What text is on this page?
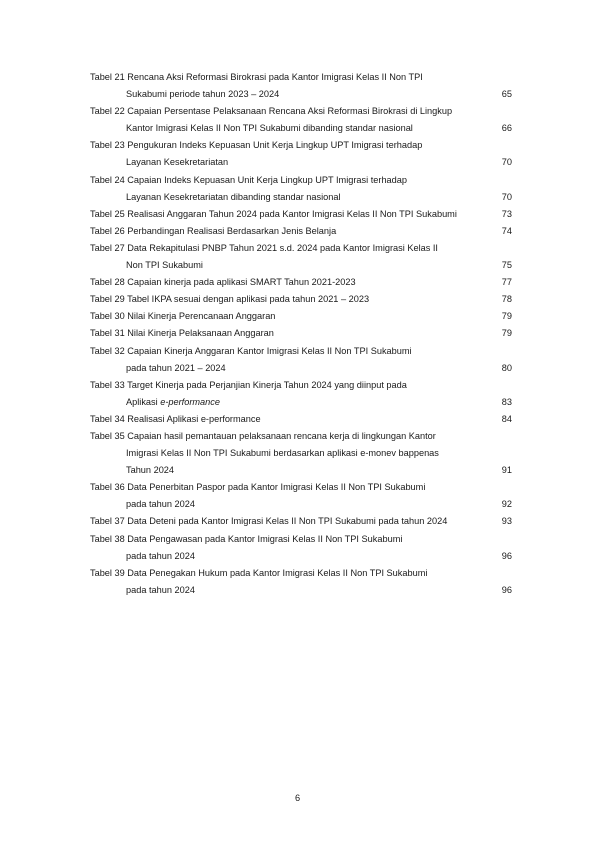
Tabel 21 Rencana Aksi Reformasi Birokrasi pada Kantor Imigrasi Kelas II Non TPI
Sukabumi periode tahun 2023 – 2024	65
Tabel 22 Capaian Persentase Pelaksanaan Rencana Aksi Reformasi Birokrasi di Lingkup
Kantor Imigrasi Kelas II Non TPI Sukabumi dibanding standar nasional	66
Tabel 23 Pengukuran Indeks Kepuasan Unit Kerja Lingkup UPT Imigrasi terhadap
Layanan Kesekretariatan	70
Tabel 24 Capaian Indeks Kepuasan Unit Kerja Lingkup UPT Imigrasi terhadap
Layanan Kesekretariatan dibanding standar nasional	70
Tabel 25 Realisasi Anggaran Tahun 2024 pada Kantor Imigrasi Kelas II Non TPI Sukabumi	73
Tabel 26 Perbandingan Realisasi Berdasarkan Jenis Belanja	74
Tabel 27 Data Rekapitulasi PNBP Tahun 2021 s.d. 2024 pada Kantor Imigrasi Kelas II
Non TPI Sukabumi	75
Tabel 28 Capaian kinerja pada aplikasi SMART Tahun 2021-2023	77
Tabel 29 Tabel IKPA sesuai dengan aplikasi pada tahun 2021 – 2023	78
Tabel 30 Nilai Kinerja Perencanaan Anggaran	79
Tabel 31 Nilai Kinerja Pelaksanaan Anggaran	79
Tabel 32 Capaian Kinerja Anggaran Kantor Imigrasi Kelas II Non TPI Sukabumi
pada tahun 2021 – 2024	80
Tabel 33 Target Kinerja pada Perjanjian Kinerja Tahun 2024 yang diinput pada
Aplikasi e-performance	83
Tabel 34 Realisasi Aplikasi e-performance	84
Tabel 35 Capaian hasil pemantauan pelaksanaan rencana kerja di lingkungan Kantor
Imigrasi Kelas II Non TPI Sukabumi berdasarkan aplikasi e-monev bappenas
Tahun 2024	91
Tabel 36 Data Penerbitan Paspor pada Kantor Imigrasi Kelas II Non TPI Sukabumi
pada tahun 2024	92
Tabel 37 Data Deteni pada Kantor Imigrasi Kelas II Non TPI Sukabumi pada tahun 2024	93
Tabel 38 Data Pengawasan pada Kantor Imigrasi Kelas II Non TPI Sukabumi
pada tahun 2024	96
Tabel 39 Data Penegakan Hukum pada Kantor Imigrasi Kelas II Non TPI Sukabumi
pada tahun 2024	96
6
